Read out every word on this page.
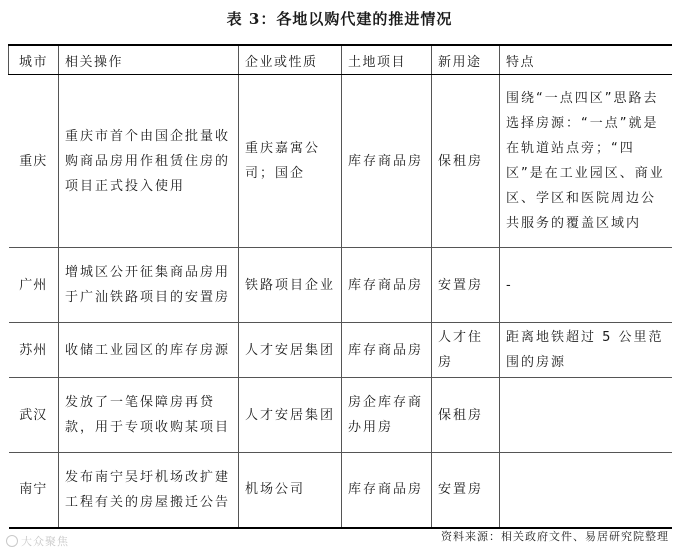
表 3：各地以购代建的推进情况
城市	相关操作	企业或性质	土地项目	新用途	特点
重庆	重庆市首个由国企批量收购商品房用作租赁住房的项目正式投入使用	重庆嘉寓公司；国企	库存商品房	保租房	围绕“一点四区”思路去选择房源：“一点”就是在轨道站点旁；“四区”是在工业园区、商业区、学区和医院周边公共服务的覆盖区域内
广州	增城区公开征集商品房用于广汕铁路项目的安置房	铁路项目企业	库存商品房	安置房	-
苏州	收储工业园区的库存房源	人才安居集团	库存商品房	人才住房	距离地铁超过 5 公里范围的房源
武汉	发放了一笔保障房再贷款，用于专项收购某项目	人才安居集团	房企库存商办用房	保租房	
南宁	发布南宁吴圩机场改扩建工程有关的房屋搬迁公告	机场公司	库存商品房	安置房	
资料来源：相关政府文件、易居研究院整理
大众聚焦
